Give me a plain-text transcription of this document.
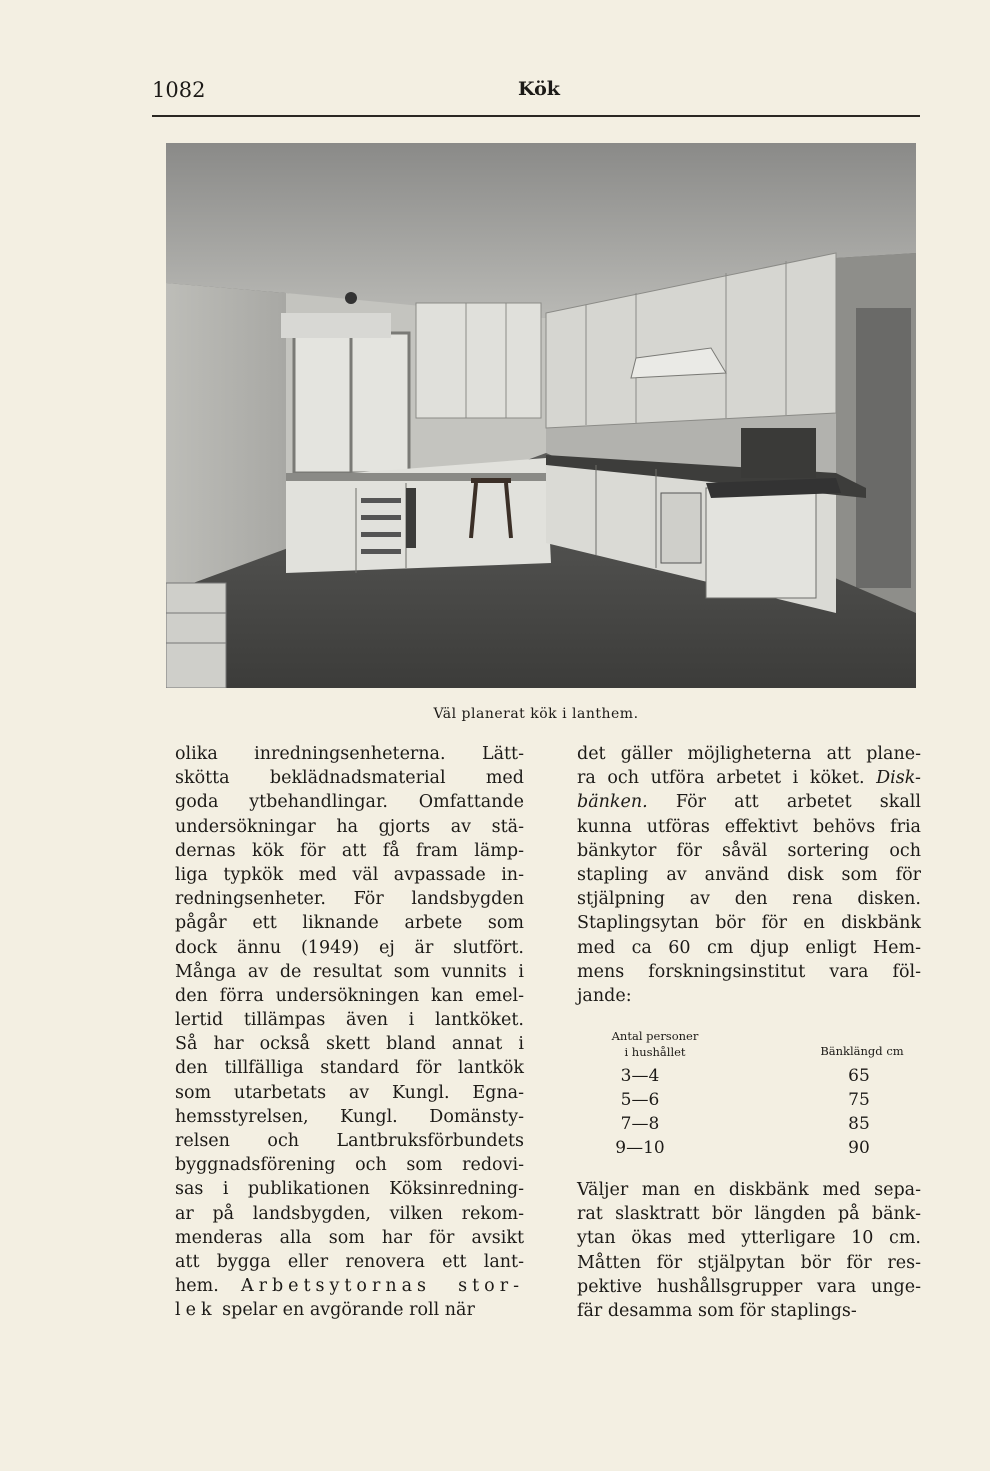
1082	Kök
Väl planerat kök i lanthem.
olika inredningsenheterna. Lätt-
skötta beklädnadsmaterial med
goda ytbehandlingar. Omfattande
undersökningar ha gjorts av stä-
dernas kök för att få fram lämp-
liga typkök med väl avpassade in-
redningsenheter. För landsbygden
pågår ett liknande arbete som
dock ännu (1949) ej är slutfört.
Många av de resultat som vunnits i
den förra undersökningen kan emel-
lertid tillämpas även i lantköket.
Så har också skett bland annat i
den tillfälliga standard för lantkök
som utarbetats av Kungl. Egna-
hemsstyrelsen, Kungl. Domänsty-
relsen och Lantbruksförbundets
byggnadsförening och som redovi-
sas i publikationen Köksinredning-
ar på landsbygden, vilken rekom-
menderas alla som har för avsikt
att bygga eller renovera ett lant-
hem. Arbetsytornas stor-
lek spelar en avgörande roll när
det gäller möjligheterna att plane-
ra och utföra arbetet i köket. Disk-
bänken. För att arbetet skall
kunna utföras effektivt behövs fria
bänkytor för såväl sortering och
stapling av använd disk som för
stjälpning av den rena disken.
Staplingsytan bör för en diskbänk
med ca 60 cm djup enligt Hem-
mens forskningsinstitut vara föl-
jande:
Antal personer
i hushållet	Bänklängd cm
3—4	65
5—6	75
7—8	85
9—10	90
Väljer man en diskbänk med sepa-
rat slasktratt bör längden på bänk-
ytan ökas med ytterligare 10 cm.
Måtten för stjälpytan bör för res-
pektive hushållsgrupper vara unge-
fär desamma som för staplings-
